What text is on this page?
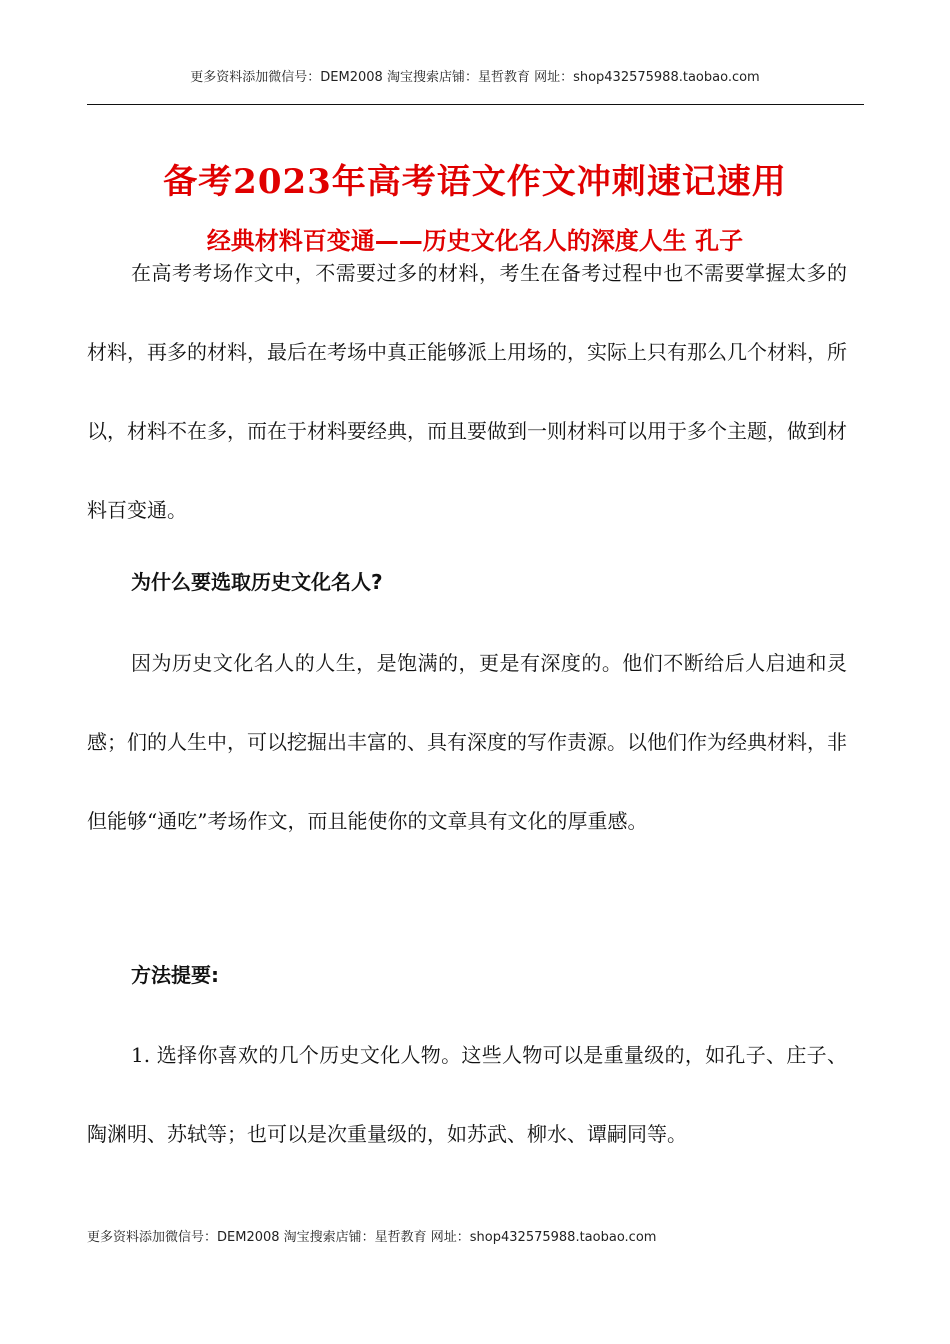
更多资料添加微信号：DEM2008 淘宝搜索店铺：星哲教育 网址：shop432575988.taobao.com
备考2023年高考语文作文冲刺速记速用
经典材料百变通——历史文化名人的深度人生 孔子

在高考考场作文中，不需要过多的材料，考生在备考过程中也不需要掌握太多的材料，再多的材料，最后在考场中真正能够派上用场的，实际上只有那么几个材料，所以，材料不在多，而在于材料要经典，而且要做到一则材料可以用于多个主题，做到材料百变通。

为什么要选取历史文化名人?

因为历史文化名人的人生，是饱满的，更是有深度的。他们不断给后人启迪和灵感；们的人生中，可以挖掘出丰富的、具有深度的写作责源。以他们作为经典材料，非但能够“通吃”考场作文，而且能使你的文章具有文化的厚重感。

方法提要:

1. 选择你喜欢的几个历史文化人物。这些人物可以是重量级的，如孔子、庄子、陶渊明、苏轼等；也可以是次重量级的，如苏武、柳水、谭嗣同等。

更多资料添加微信号：DEM2008 淘宝搜索店铺：星哲教育 网址：shop432575988.taobao.com
